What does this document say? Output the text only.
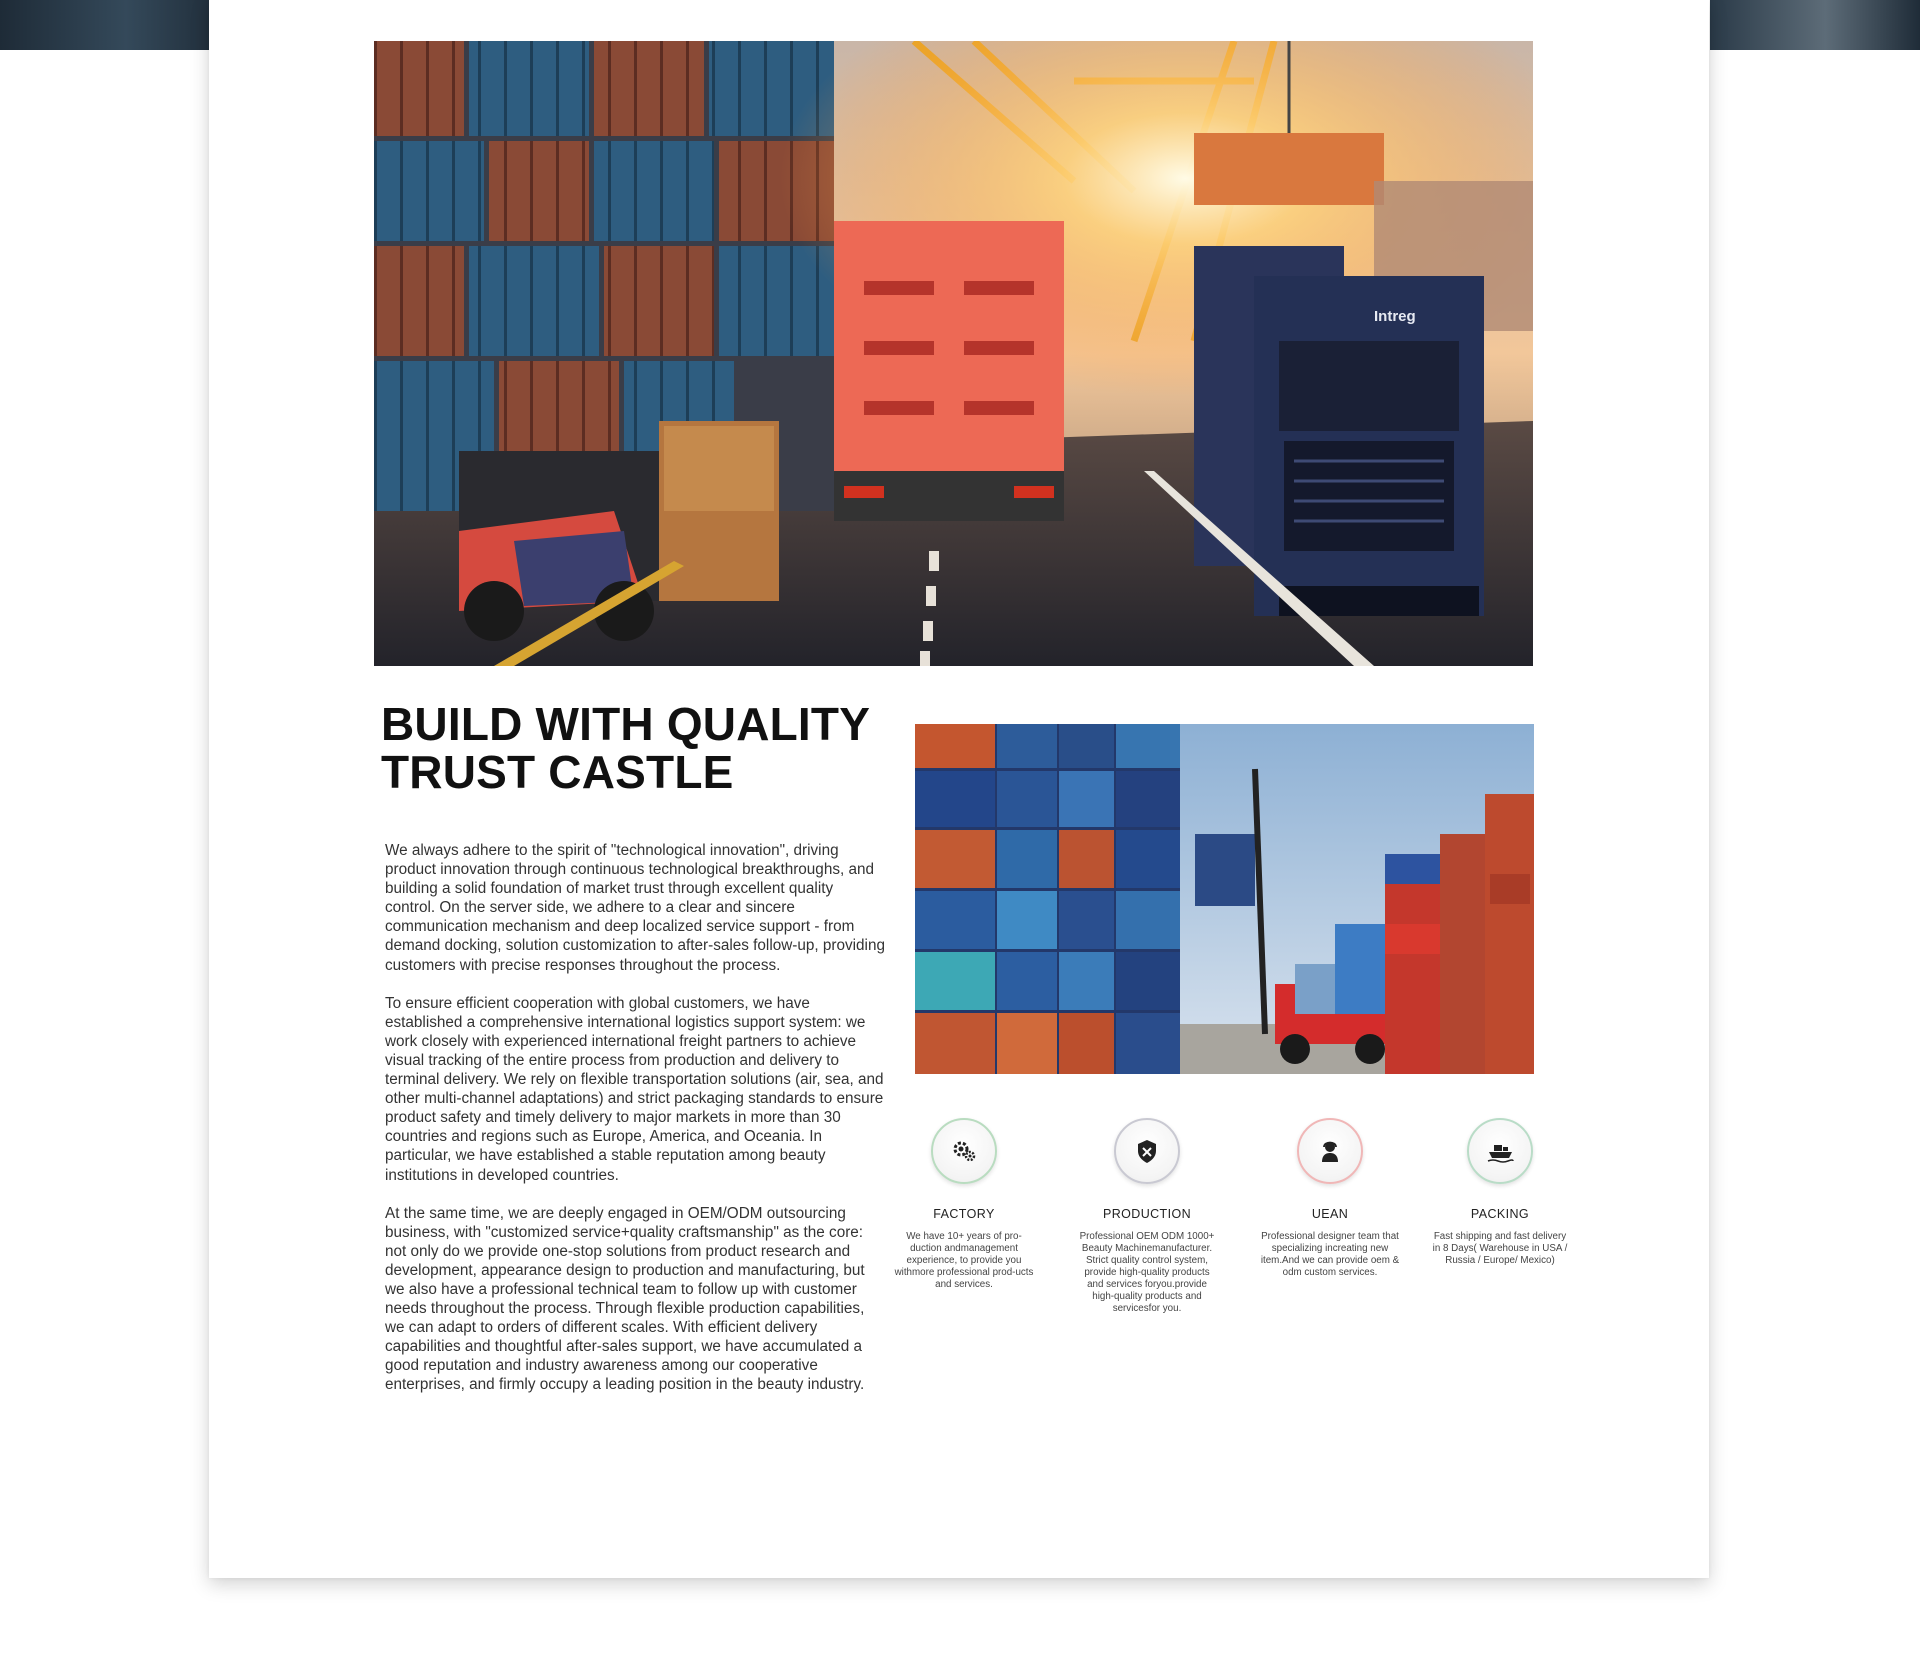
Intreg
BUILD WITH QUALITY
TRUST CASTLE

We always adhere to the spirit of "technological innovation", driving product innovation through continuous technological breakthroughs, and building a solid foundation of market trust through excellent quality control. On the server side, we adhere to a clear and sincere communication mechanism and deep localized service support - from demand docking, solution customization to after-sales follow-up, providing customers with precise responses throughout the process.

To ensure efficient cooperation with global customers, we have established a comprehensive international logistics support system: we work closely with experienced international freight partners to achieve visual tracking of the entire process from production and delivery to terminal delivery. We rely on flexible transportation solutions (air, sea, and other multi-channel adaptations) and strict packaging standards to ensure product safety and timely delivery to major markets in more than 30 countries and regions such as Europe, America, and Oceania. In particular, we have established a stable reputation among beauty institutions in developed countries.

At the same time, we are deeply engaged in OEM/ODM outsourcing business, with "customized service+quality craftsmanship" as the core: not only do we provide one-stop solutions from product research and development, appearance design to production and manufacturing, but we also have a professional technical team to follow up with customer needs throughout the process. Through flexible production capabilities, we can adapt to orders of different scales. With efficient delivery capabilities and thoughtful after-sales support, we have accumulated a good reputation and industry awareness among our cooperative enterprises, and firmly occupy a leading position in the beauty industry.

FACTORY
We have 10+ years of pro-duction andmanagement experience, to provide you withmore professional prod-ucts and services.
PRODUCTION
Professional OEM ODM 1000+ Beauty Machinemanufacturer. Strict quality control system, provide high-quality products and services foryou.provide high-quality products and servicesfor you.
UEAN
Professional designer team that specializing increating new item.And we can provide oem & odm custom services.
PACKING
Fast shipping and fast delivery in 8 Days( Warehouse in USA / Russia / Europe/ Mexico)
